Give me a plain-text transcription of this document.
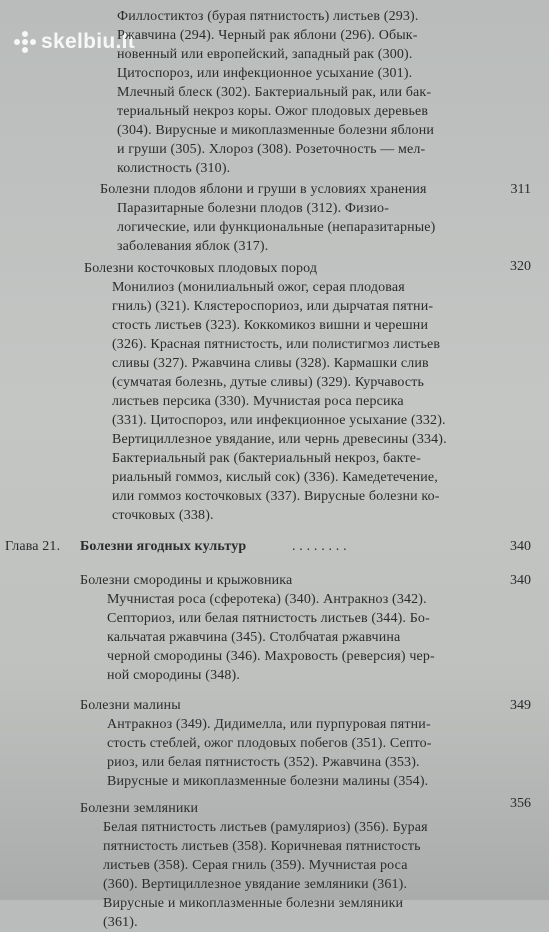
skelbiu.lt
Филлостиктоз (бурая пятнистость) листьев (293).
Ржавчина (294). Черный рак яблони (296). Обык-
новенный или европейский, западный рак (300).
Цитоспороз, или инфекционное усыхание (301).
Млечный блеск (302). Бактериальный рак, или бак-
териальный некроз коры. Ожог плодовых деревьев
(304). Вирусные и микоплазменные болезни яблони
и груши (305). Хлороз (308). Розеточность — мел-
колистность (310).
Болезни плодов яблони и груши в условиях хранения	311
Паразитарные болезни плодов (312). Физио-
логические, или функциональные (непаразитарные)
заболевания яблок (317).
Болезни косточковых плодовых пород	320
Монилиоз (монилиальный ожог, серая плодовая
гниль) (321). Клястероспориоз, или дырчатая пятни-
стость листьев (323). Коккомикоз вишни и черешни
(326). Красная пятнистость, или полистигмоз листьев
сливы (327). Ржавчина сливы (328). Кармашки слив
(сумчатая болезнь, дутые сливы) (329). Курчавость
листьев персика (330). Мучнистая роса персика
(331). Цитоспороз, или инфекционное усыхание (332).
Вертициллезное увядание, или чернь древесины (334).
Бактериальный рак (бактериальный некроз, бакте-
риальный гоммоз, кислый сок) (336). Камедетечение,
или гоммоз косточковых (337). Вирусные болезни ко-
сточковых (338).
Глава 21. Болезни ягодных культур	. . . . . . . .	340
Болезни смородины и крыжовника	340
Мучнистая роса (сферотека) (340). Антракноз (342).
Септориоз, или белая пятнистость листьев (344). Бо-
кальчатая ржавчина (345). Столбчатая ржавчина
черной смородины (346). Махровость (реверсия) чер-
ной смородины (348).
Болезни малины	349
Антракноз (349). Дидимелла, или пурпуровая пятни-
стость стеблей, ожог плодовых побегов (351). Септо-
риоз, или белая пятнистость (352). Ржавчина (353).
Вирусные и микоплазменные болезни малины (354).
Болезни земляники	356
Белая пятнистость листьев (рамуляриоз) (356). Бурая
пятнистость листьев (358). Коричневая пятнистость
листьев (358). Серая гниль (359). Мучнистая роса
(360). Вертициллезное увядание земляники (361).
Вирусные и микоплазменные болезни земляники
(361).
